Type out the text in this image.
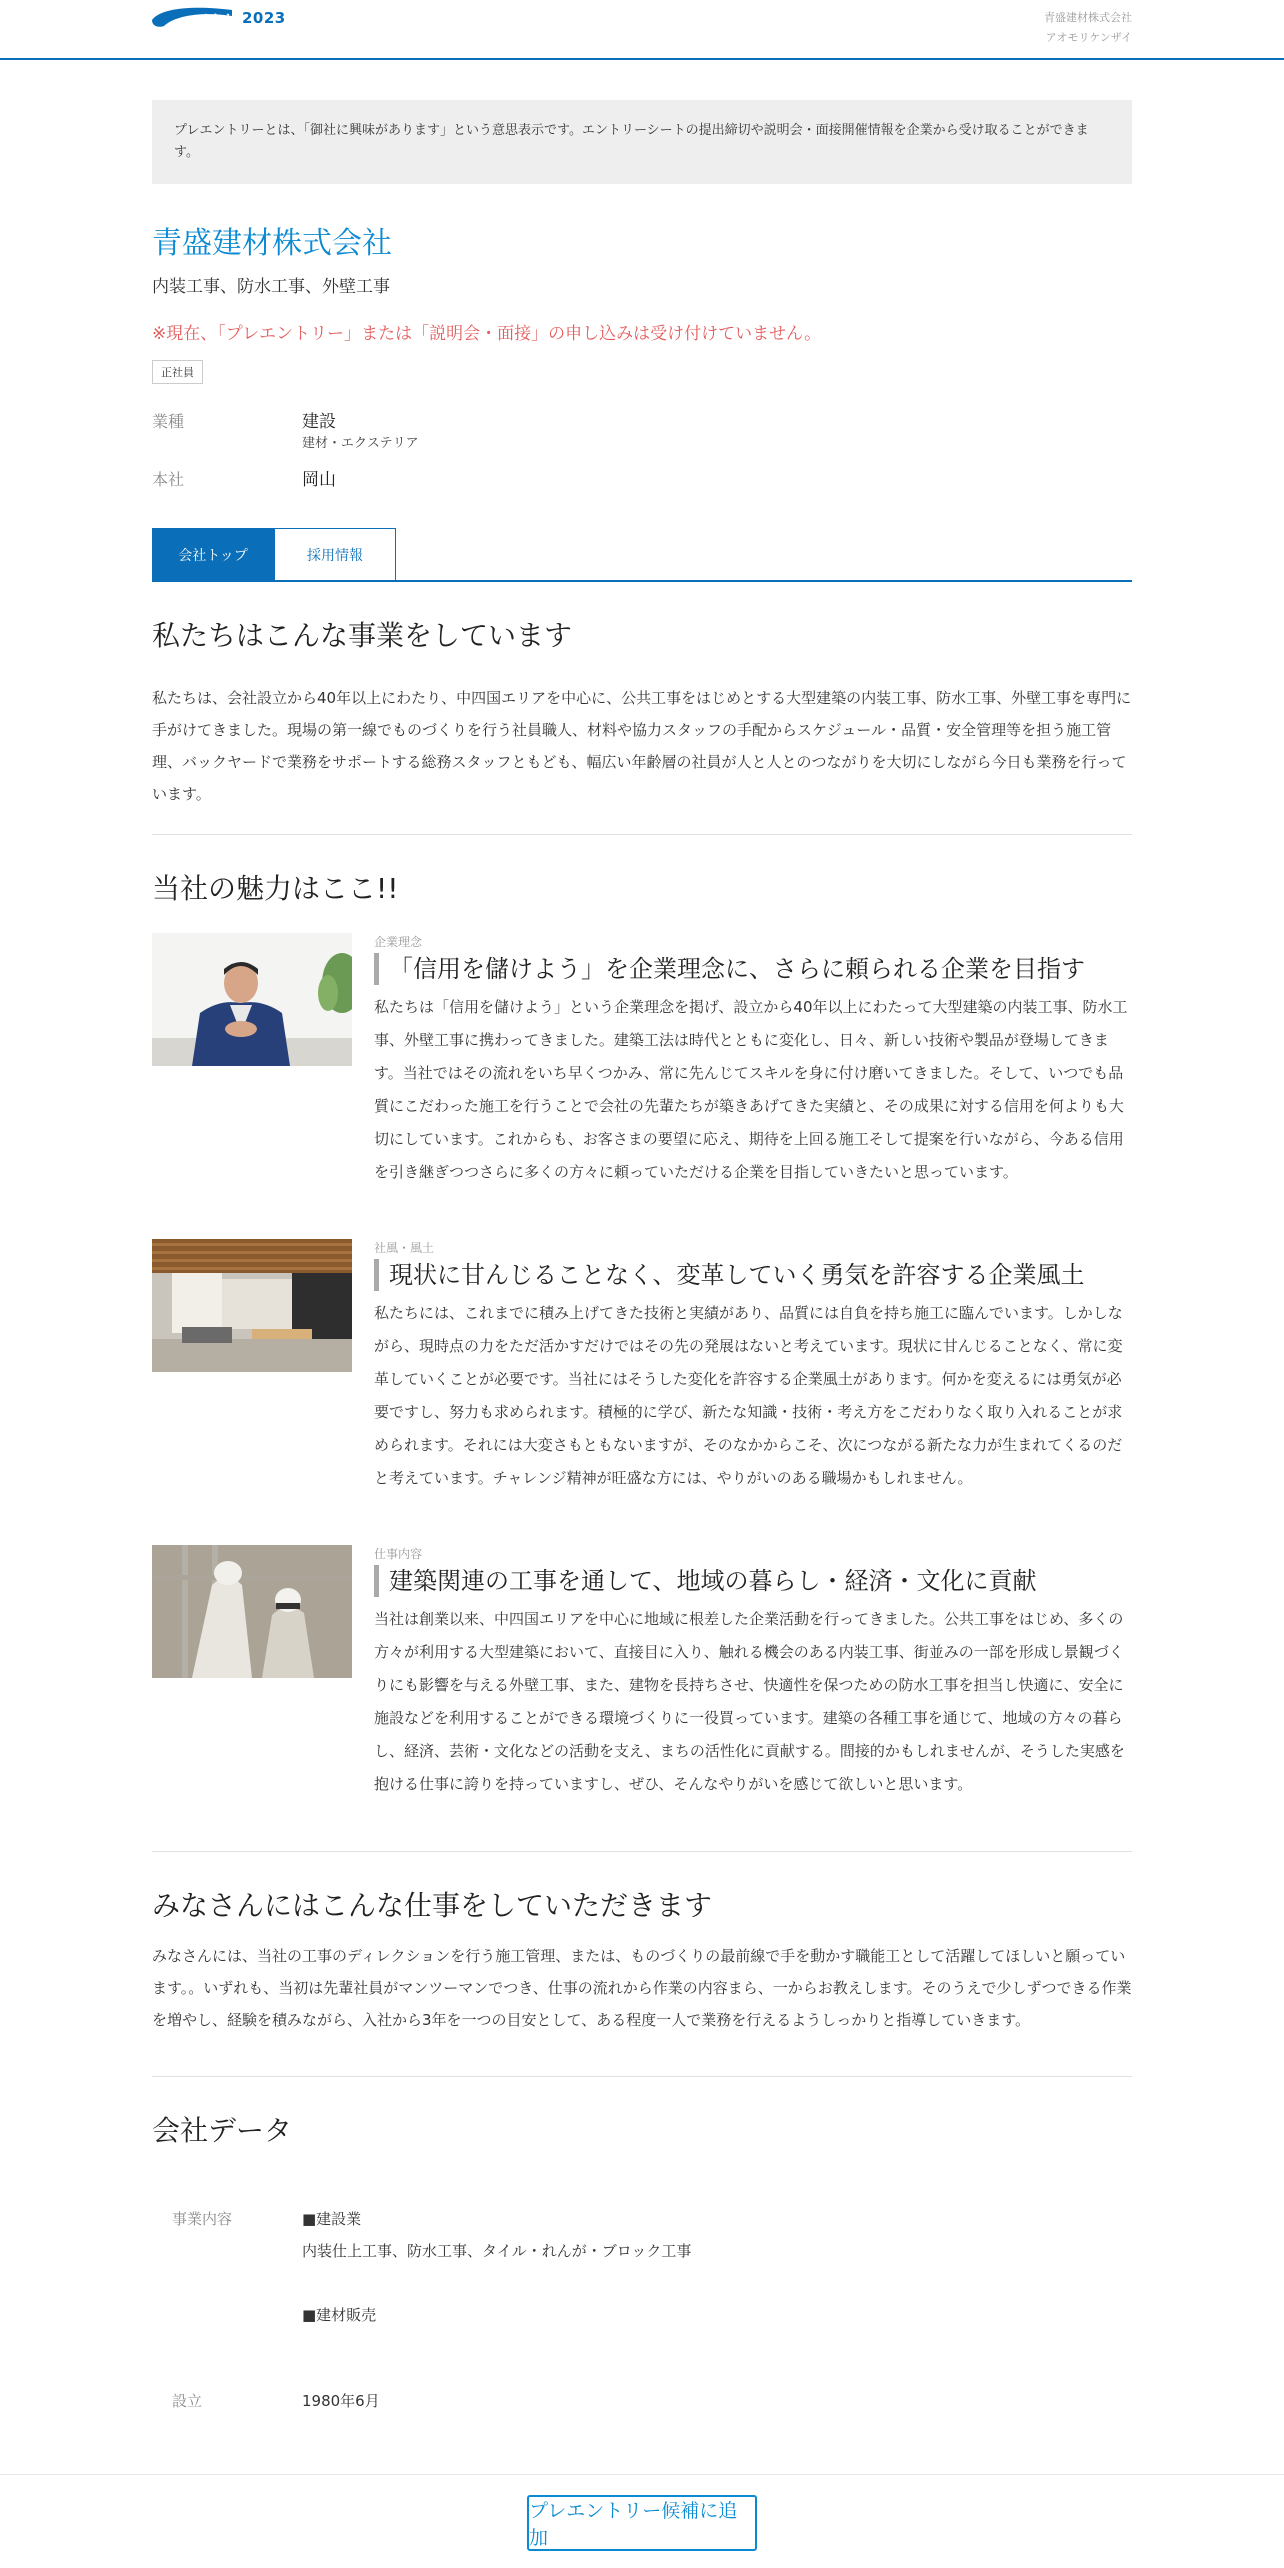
リクナビ
2023	青盛建材株式会社
アオモリケンザイ
プレエントリーとは、「御社に興味があります」という意思表示です。エントリーシートの提出締切や説明会・面接開催情報を企業から受け取ることができます。
青盛建材株式会社
内装工事、防水工事、外壁工事
※現在、「プレエントリー」または「説明会・面接」の申し込みは受け付けていません。
正社員
業種	建設
建材・エクステリア
本社	岡山
会社トップ	採用情報
私たちはこんな事業をしています

私たちは、会社設立から40年以上にわたり、中四国エリアを中心に、公共工事をはじめとする大型建築の内装工事、防水工事、外壁工事を専門に手がけてきました。現場の第一線でものづくりを行う社員職人、材料や協力スタッフの手配からスケジュール・品質・安全管理等を担う施工管理、バックヤードで業務をサポートする総務スタッフともども、幅広い年齢層の社員が人と人とのつながりを大切にしながら今日も業務を行っています。

当社の魅力はここ!!
企業理念
「信用を儲けよう」を企業理念に、さらに頼られる企業を目指す

私たちは「信用を儲けよう」という企業理念を掲げ、設立から40年以上にわたって大型建築の内装工事、防水工事、外壁工事に携わってきました。建築工法は時代とともに変化し、日々、新しい技術や製品が登場してきます。当社ではその流れをいち早くつかみ、常に先んじてスキルを身に付け磨いてきました。そして、いつでも品質にこだわった施工を行うことで会社の先輩たちが築きあげてきた実績と、その成果に対する信用を何よりも大切にしています。これからも、お客さまの要望に応え、期待を上回る施工そして提案を行いながら、今ある信用を引き継ぎつつさらに多くの方々に頼っていただける企業を目指していきたいと思っています。

社風・風土
現状に甘んじることなく、変革していく勇気を許容する企業風土

私たちには、これまでに積み上げてきた技術と実績があり、品質には自負を持ち施工に臨んでいます。しかしながら、現時点の力をただ活かすだけではその先の発展はないと考えています。現状に甘んじることなく、常に変革していくことが必要です。当社にはそうした変化を許容する企業風土があります。何かを変えるには勇気が必要ですし、努力も求められます。積極的に学び、新たな知識・技術・考え方をこだわりなく取り入れることが求められます。それには大変さもともないますが、そのなかからこそ、次につながる新たな力が生まれてくるのだと考えています。チャレンジ精神が旺盛な方には、やりがいのある職場かもしれません。

仕事内容
建築関連の工事を通して、地域の暮らし・経済・文化に貢献

当社は創業以来、中四国エリアを中心に地域に根差した企業活動を行ってきました。公共工事をはじめ、多くの方々が利用する大型建築において、直接目に入り、触れる機会のある内装工事、街並みの一部を形成し景観づくりにも影響を与える外壁工事、また、建物を長持ちさせ、快適性を保つための防水工事を担当し快適に、安全に施設などを利用することができる環境づくりに一役買っています。建築の各種工事を通じて、地域の方々の暮らし、経済、芸術・文化などの活動を支え、まちの活性化に貢献する。間接的かもしれませんが、そうした実感を抱ける仕事に誇りを持っていますし、ぜひ、そんなやりがいを感じて欲しいと思います。

みなさんにはこんな仕事をしていただきます

みなさんには、当社の工事のディレクションを行う施工管理、または、ものづくりの最前線で手を動かす職能工として活躍してほしいと願っています。。いずれも、当初は先輩社員がマンツーマンでつき、仕事の流れから作業の内容まら、一からお教えします。そのうえで少しずつできる作業を増やし、経験を積みながら、入社から3年を一つの目安として、ある程度一人で業務を行えるようしっかりと指導していきます。

会社データ
事業内容	■建設業
内装仕上工事、防水工事、タイル・れんが・ブロック工事
■建材販売
設立	1980年6月
プレエントリー候補に追加
